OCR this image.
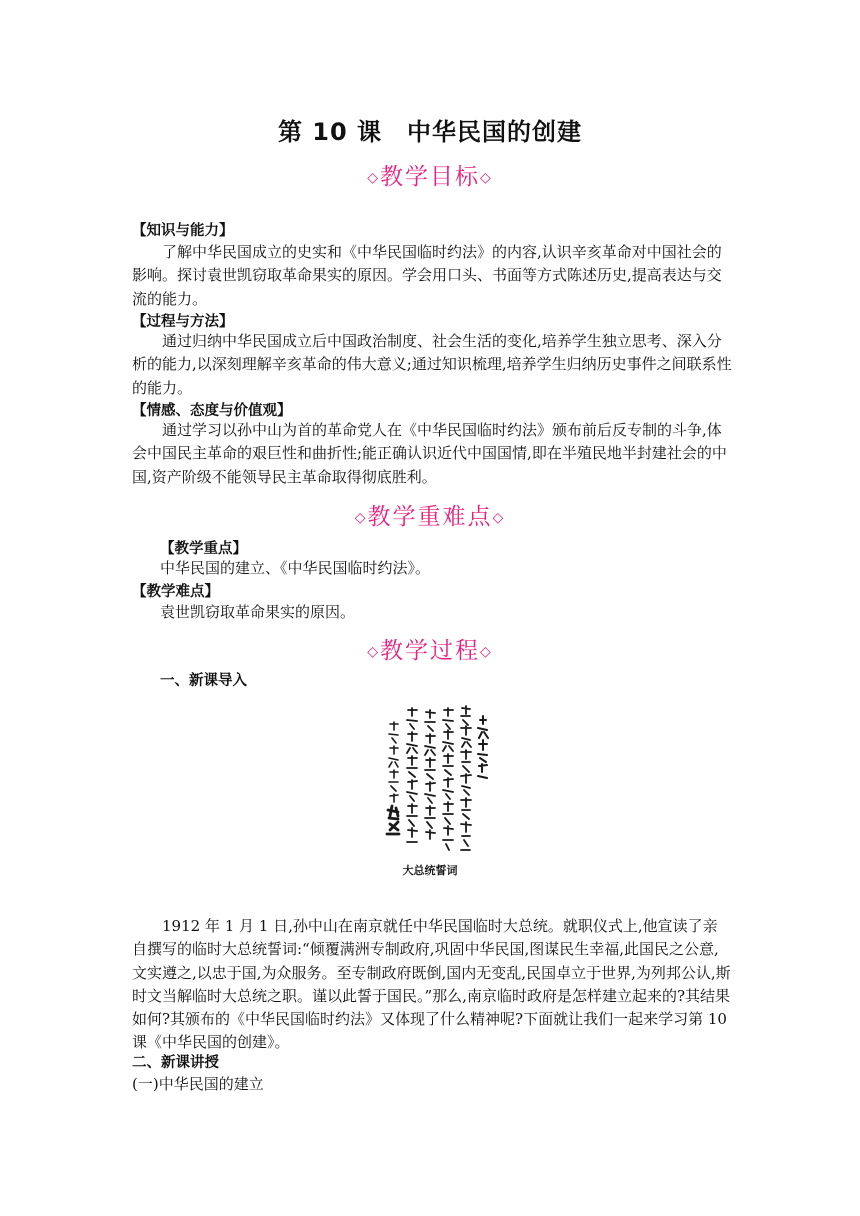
第 10 课　中华民国的创建
◇教学目标◇
【知识与能力】
了解中华民国成立的史实和《中华民国临时约法》的内容,认识辛亥革命对中国社会的影响。探讨袁世凯窃取革命果实的原因。学会用口头、书面等方式陈述历史,提高表达与交流的能力。
【过程与方法】
通过归纳中华民国成立后中国政治制度、社会生活的变化,培养学生独立思考、深入分析的能力,以深刻理解辛亥革命的伟大意义;通过知识梳理,培养学生归纳历史事件之间联系性的能力。
【情感、态度与价值观】
通过学习以孙中山为首的革命党人在《中华民国临时约法》颁布前后反专制的斗争,体会中国民主革命的艰巨性和曲折性;能正确认识近代中国国情,即在半殖民地半封建社会的中国,资产阶级不能领导民主革命取得彻底胜利。
◇教学重难点◇
【教学重点】
中华民国的建立、《中华民国临时约法》。
【教学难点】
袁世凯窃取革命果实的原因。
◇教学过程◇
一、新课导入
大总统誓词
1912 年 1 月 1 日,孙中山在南京就任中华民国临时大总统。就职仪式上,他宣读了亲自撰写的临时大总统誓词:“倾覆满洲专制政府,巩固中华民国,图谋民生幸福,此国民之公意,文实遵之,以忠于国,为众服务。至专制政府既倒,国内无变乱,民国卓立于世界,为列邦公认,斯时文当解临时大总统之职。谨以此誓于国民。”那么,南京临时政府是怎样建立起来的?其结果如何?其颁布的《中华民国临时约法》又体现了什么精神呢?下面就让我们一起来学习第 10 课《中华民国的创建》。
二、新课讲授
(一)中华民国的建立
